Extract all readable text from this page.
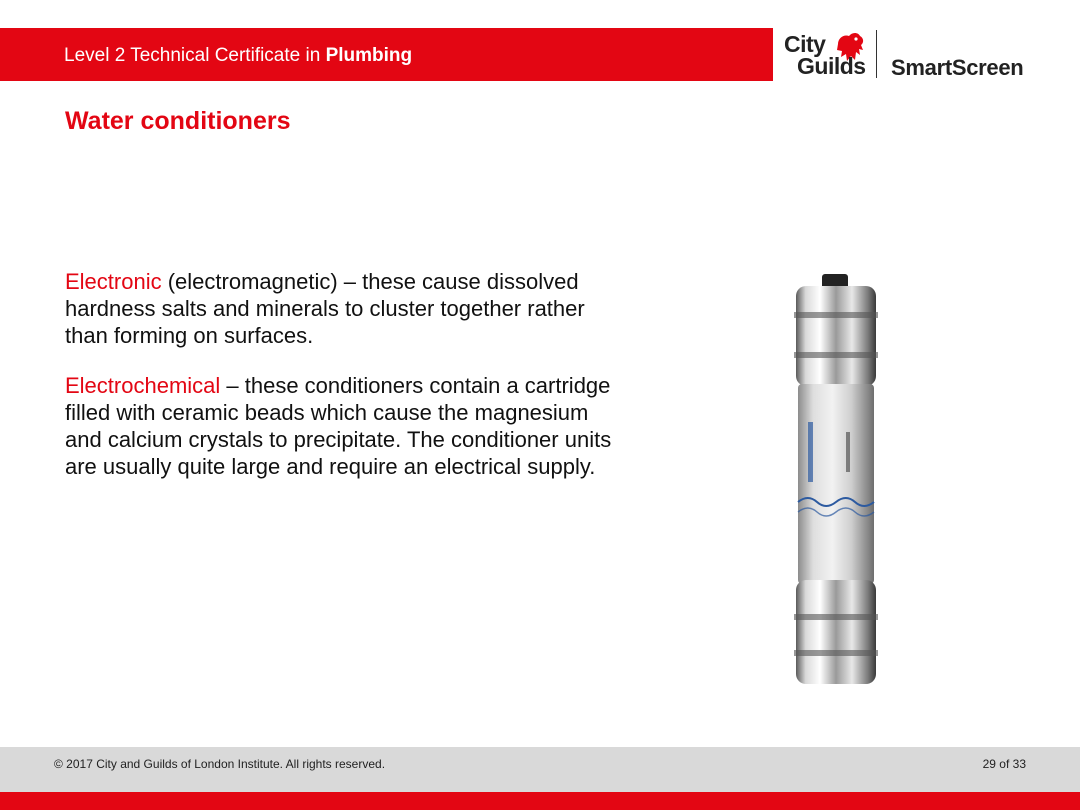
Level 2 Technical Certificate in Plumbing	City
Guilds SmartScreen
Water conditioners

Electronic (electromagnetic) – these cause dissolved hardness salts and minerals to cluster together rather than forming on surfaces.

Electrochemical – these conditioners contain a cartridge filled with ceramic beads which cause the magnesium and calcium crystals to precipitate. The conditioner units are usually quite large and require an electrical supply.

© 2017 City and Guilds of London Institute. All rights reserved.	29 of 33
